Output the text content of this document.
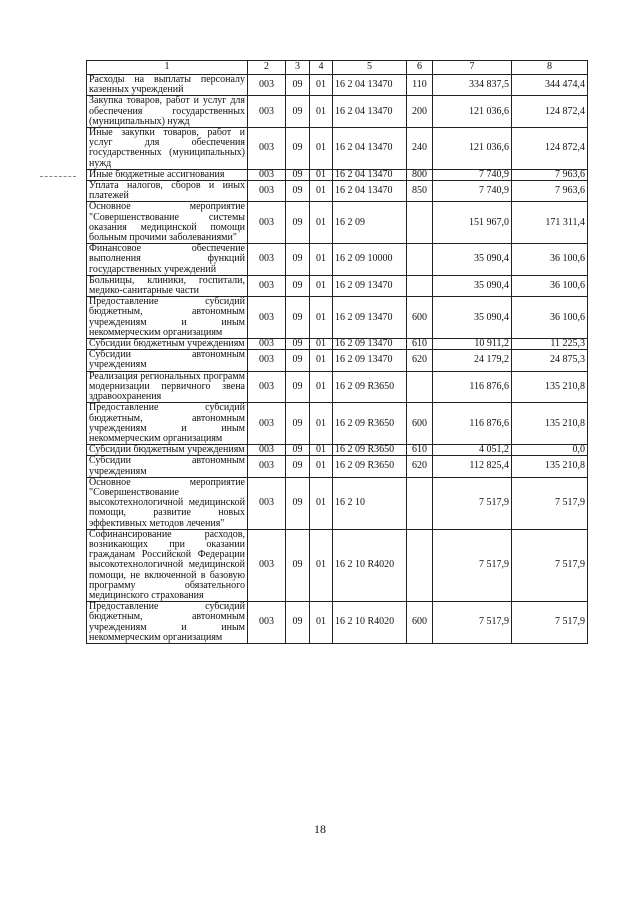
1	2	3	4	5	6	7	8
Расходы на выплаты персоналу казенных учреждений	003	09	01	16 2 04 13470	110	334 837,5	344 474,4
Закупка товаров, работ и услуг для обеспечения государственных (муниципальных) нужд	003	09	01	16 2 04 13470	200	121 036,6	124 872,4
Иные закупки товаров, работ и услуг для обеспечения государственных (муниципальных) нужд	003	09	01	16 2 04 13470	240	121 036,6	124 872,4
Иные бюджетные ассигнования	003	09	01	16 2 04 13470	800	7 740,9	7 963,6
Уплата налогов, сборов и иных платежей	003	09	01	16 2 04 13470	850	7 740,9	7 963,6
Основное мероприятие "Совершенствование системы оказания медицинской помощи больным прочими заболеваниями"	003	09	01	16 2 09		151 967,0	171 311,4
Финансовое обеспечение выполнения функций государственных учреждений	003	09	01	16 2 09 10000		35 090,4	36 100,6
Больницы, клиники, госпитали, медико-санитарные части	003	09	01	16 2 09 13470		35 090,4	36 100,6
Предоставление субсидий бюджетным, автономным учреждениям и иным некоммерческим организациям	003	09	01	16 2 09 13470	600	35 090,4	36 100,6
Субсидии бюджетным учреждениям	003	09	01	16 2 09 13470	610	10 911,2	11 225,3
Субсидии автономным учреждениям	003	09	01	16 2 09 13470	620	24 179,2	24 875,3
Реализация региональных программ модернизации первичного звена здравоохранения	003	09	01	16 2 09 R3650		116 876,6	135 210,8
Предоставление субсидий бюджетным, автономным учреждениям и иным некоммерческим организациям	003	09	01	16 2 09 R3650	600	116 876,6	135 210,8
Субсидии бюджетным учреждениям	003	09	01	16 2 09 R3650	610	4 051,2	0,0
Субсидии автономным учреждениям	003	09	01	16 2 09 R3650	620	112 825,4	135 210,8
Основное мероприятие "Совершенствование высокотехнологичной медицинской помощи, развитие новых эффективных методов лечения"	003	09	01	16 2 10		7 517,9	7 517,9
Софинансирование расходов, возникающих при оказании гражданам Российской Федерации высокотехнологичной медицинской помощи, не включенной в базовую программу обязательного медицинского страхования	003	09	01	16 2 10 R4020		7 517,9	7 517,9
Предоставление субсидий бюджетным, автономным учреждениям и иным некоммерческим организациям	003	09	01	16 2 10 R4020	600	7 517,9	7 517,9
18
